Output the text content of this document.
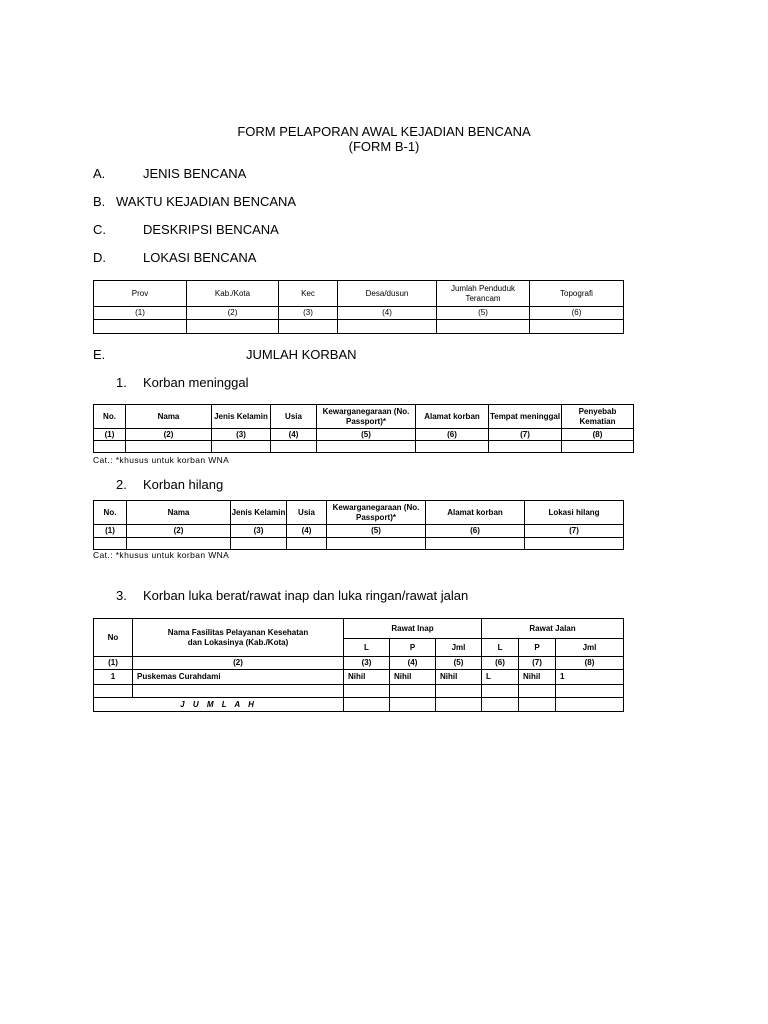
FORM PELAPORAN AWAL KEJADIAN BENCANA
(FORM B-1)
A.	JENIS BENCANA
B. WAKTU KEJADIAN BENCANA
C.	DESKRIPSI BENCANA
D.	LOKASI BENCANA
Prov	Kab./Kota	Kec	Desa/dusun	Jumlah Penduduk Terancam	Topografi
(1)	(2)	(3)	(4)	(5)	(6)

E.	JUMLAH KORBAN
1. Korban meninggal
No.	Nama	Jenis Kelamin	Usia	Kewarganegaraan (No. Passport)*	Alamat korban	Tempat meninggal	Penyebab Kematian
(1)	(2)	(3)	(4)	(5)	(6)	(7)	(8)

Cat.: *khusus untuk korban WNA
2. Korban hilang
No.	Nama	Jenis Kelamin	Usia	Kewarganegaraan (No. Passport)*	Alamat korban	Lokasi hilang
(1)	(2)	(3)	(4)	(5)	(6)	(7)

Cat.: *khusus untuk korban WNA
3. Korban luka berat/rawat inap dan luka ringan/rawat jalan
No	Nama Fasilitas Pelayanan Kesehatan dan Lokasinya (Kab./Kota)	Rawat Inap			Rawat Jalan		
		L	P	Jml	L	P	Jml
(1)	(2)	(3)	(4)	(5)	(6)	(7)	(8)
1	Puskemas Curahdami	Nihil	Nihil	Nihil	L	Nihil	1

J U M L A H							
